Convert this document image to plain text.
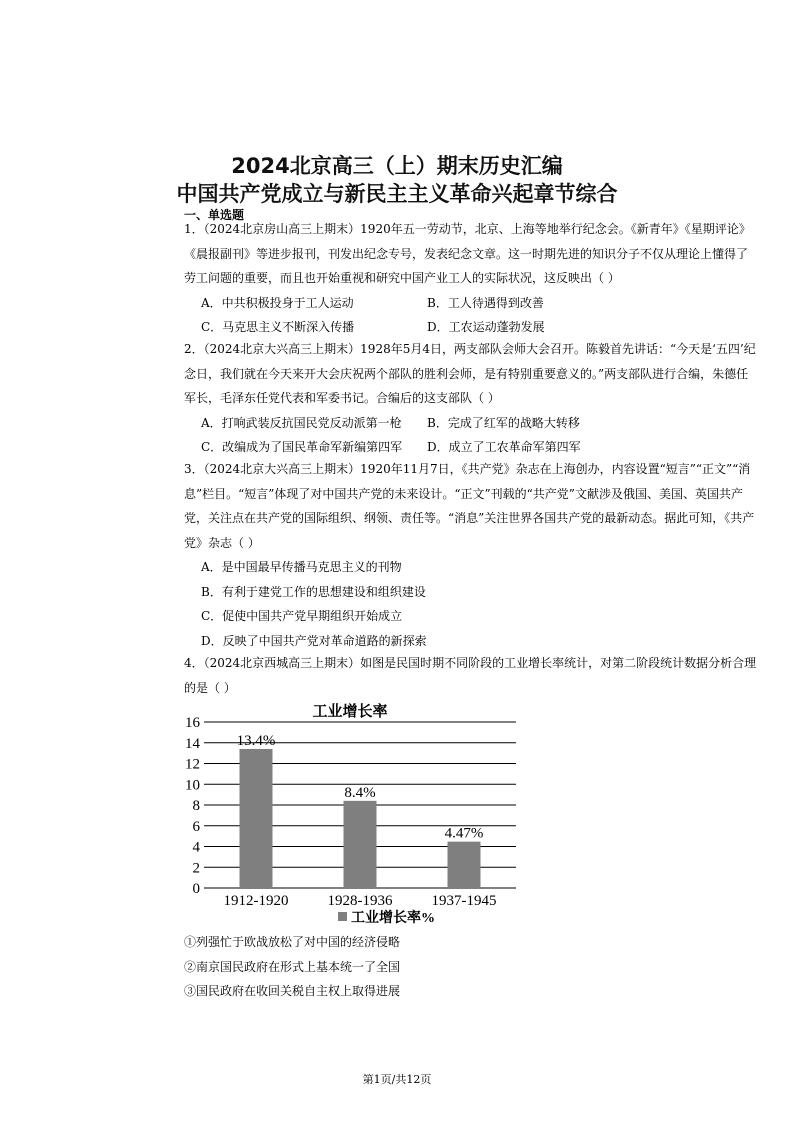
2024北京高三（上）期末历史汇编
中国共产党成立与新民主主义革命兴起章节综合
一、单选题
1．（2024北京房山高三上期末）1920年五一劳动节，北京、上海等地举行纪念会。《新青年》《星期评论》《晨报副刊》等进步报刊，刊发出纪念专号，发表纪念文章。这一时期先进的知识分子不仅从理论上懂得了劳工问题的重要，而且也开始重视和研究中国产业工人的实际状况，这反映出（ ）
A．中共积极投身于工人运动	B．工人待遇得到改善
C．马克思主义不断深入传播	D．工农运动蓬勃发展
2．（2024北京大兴高三上期末）1928年5月4日，两支部队会师大会召开。陈毅首先讲话：“今天是‘五四’纪念日，我们就在今天来开大会庆祝两个部队的胜利会师，是有特别重要意义的。”两支部队进行合编，朱德任军长，毛泽东任党代表和军委书记。合编后的这支部队（ ）
A．打响武装反抗国民党反动派第一枪 B．完成了红军的战略大转移
C．改编成为了国民革命军新编第四军 D．成立了工农革命军第四军
3．（2024北京大兴高三上期末）1920年11月7日，《共产党》杂志在上海创办，内容设置“短言”“正文”“消息”栏目。“短言”体现了对中国共产党的未来设计。“正文”刊载的“共产党”文献涉及俄国、美国、英国共产党，关注点在共产党的国际组织、纲领、责任等。“消息”关注世界各国共产党的最新动态。据此可知，《共产党》杂志（ ）
A．是中国最早传播马克思主义的刊物
B．有利于建党工作的思想建设和组织建设
C．促使中国共产党早期组织开始成立
D．反映了中国共产党对革命道路的新探索
4．（2024北京西城高三上期末）如图是民国时期不同阶段的工业增长率统计，对第二阶段统计数据分析合理的是（ ）
工业增长率
0
2
4
6
8
10
12
14
16
13.4%
1912-1920
8.4%
1928-1936
4.47%
1937-1945
工业增长率%
①列强忙于欧战放松了对中国的经济侵略
②南京国民政府在形式上基本统一了全国
③国民政府在收回关税自主权上取得进展
第1页/共12页
